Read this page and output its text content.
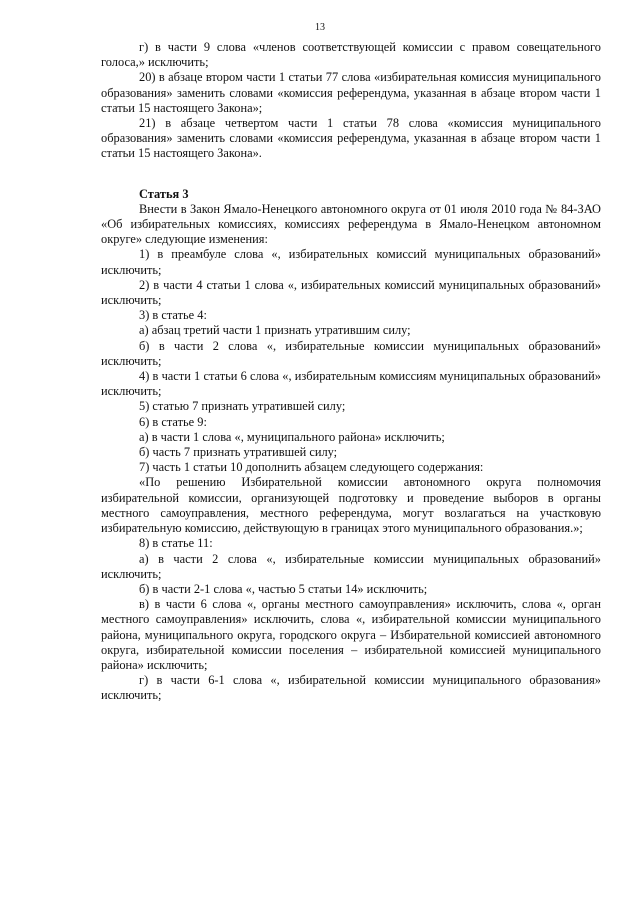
13

г) в части 9 слова «членов соответствующей комиссии с правом совещательного голоса,» исключить;

20) в абзаце втором части 1 статьи 77 слова «избирательная комиссия муниципального образования» заменить словами «комиссия референдума, указанная в абзаце втором части 1 статьи 15 настоящего Закона»;

21) в абзаце четвертом части 1 статьи 78 слова «комиссия муниципального образования» заменить словами «комиссия референдума, указанная в абзаце втором части 1 статьи 15 настоящего Закона».

Статья 3

Внести в Закон Ямало-Ненецкого автономного округа от 01 июля 2010 года № 84-ЗАО «Об избирательных комиссиях, комиссиях референдума в Ямало-Ненецком автономном округе» следующие изменения:

1) в преамбуле слова «, избирательных комиссий муниципальных образований» исключить;

2) в части 4 статьи 1 слова «, избирательных комиссий муниципальных образований» исключить;

3) в статье 4:

а) абзац третий части 1 признать утратившим силу;

б) в части 2 слова «, избирательные комиссии муниципальных образований» исключить;

4) в части 1 статьи 6 слова «, избирательным комиссиям муниципальных образований» исключить;

5) статью 7 признать утратившей силу;

6) в статье 9:

а) в части 1 слова «, муниципального района» исключить;

б) часть 7 признать утратившей силу;

7) часть 1 статьи 10 дополнить абзацем следующего содержания:

«По решению Избирательной комиссии автономного округа полномочия избирательной комиссии, организующей подготовку и проведение выборов в органы местного самоуправления, местного референдума, могут возлагаться на участковую избирательную комиссию, действующую в границах этого муниципального образования.»;

8) в статье 11:

а) в части 2 слова «, избирательные комиссии муниципальных образований» исключить;

б) в части 2-1 слова «, частью 5 статьи 14» исключить;

в) в части 6 слова «, органы местного самоуправления» исключить, слова «, орган местного самоуправления» исключить, слова «, избирательной комиссии муниципального района, муниципального округа, городского округа – Избирательной комиссией автономного округа, избирательной комиссии поселения – избирательной комиссией муниципального района» исключить;

г) в части 6-1 слова «, избирательной комиссии муниципального образования» исключить;
